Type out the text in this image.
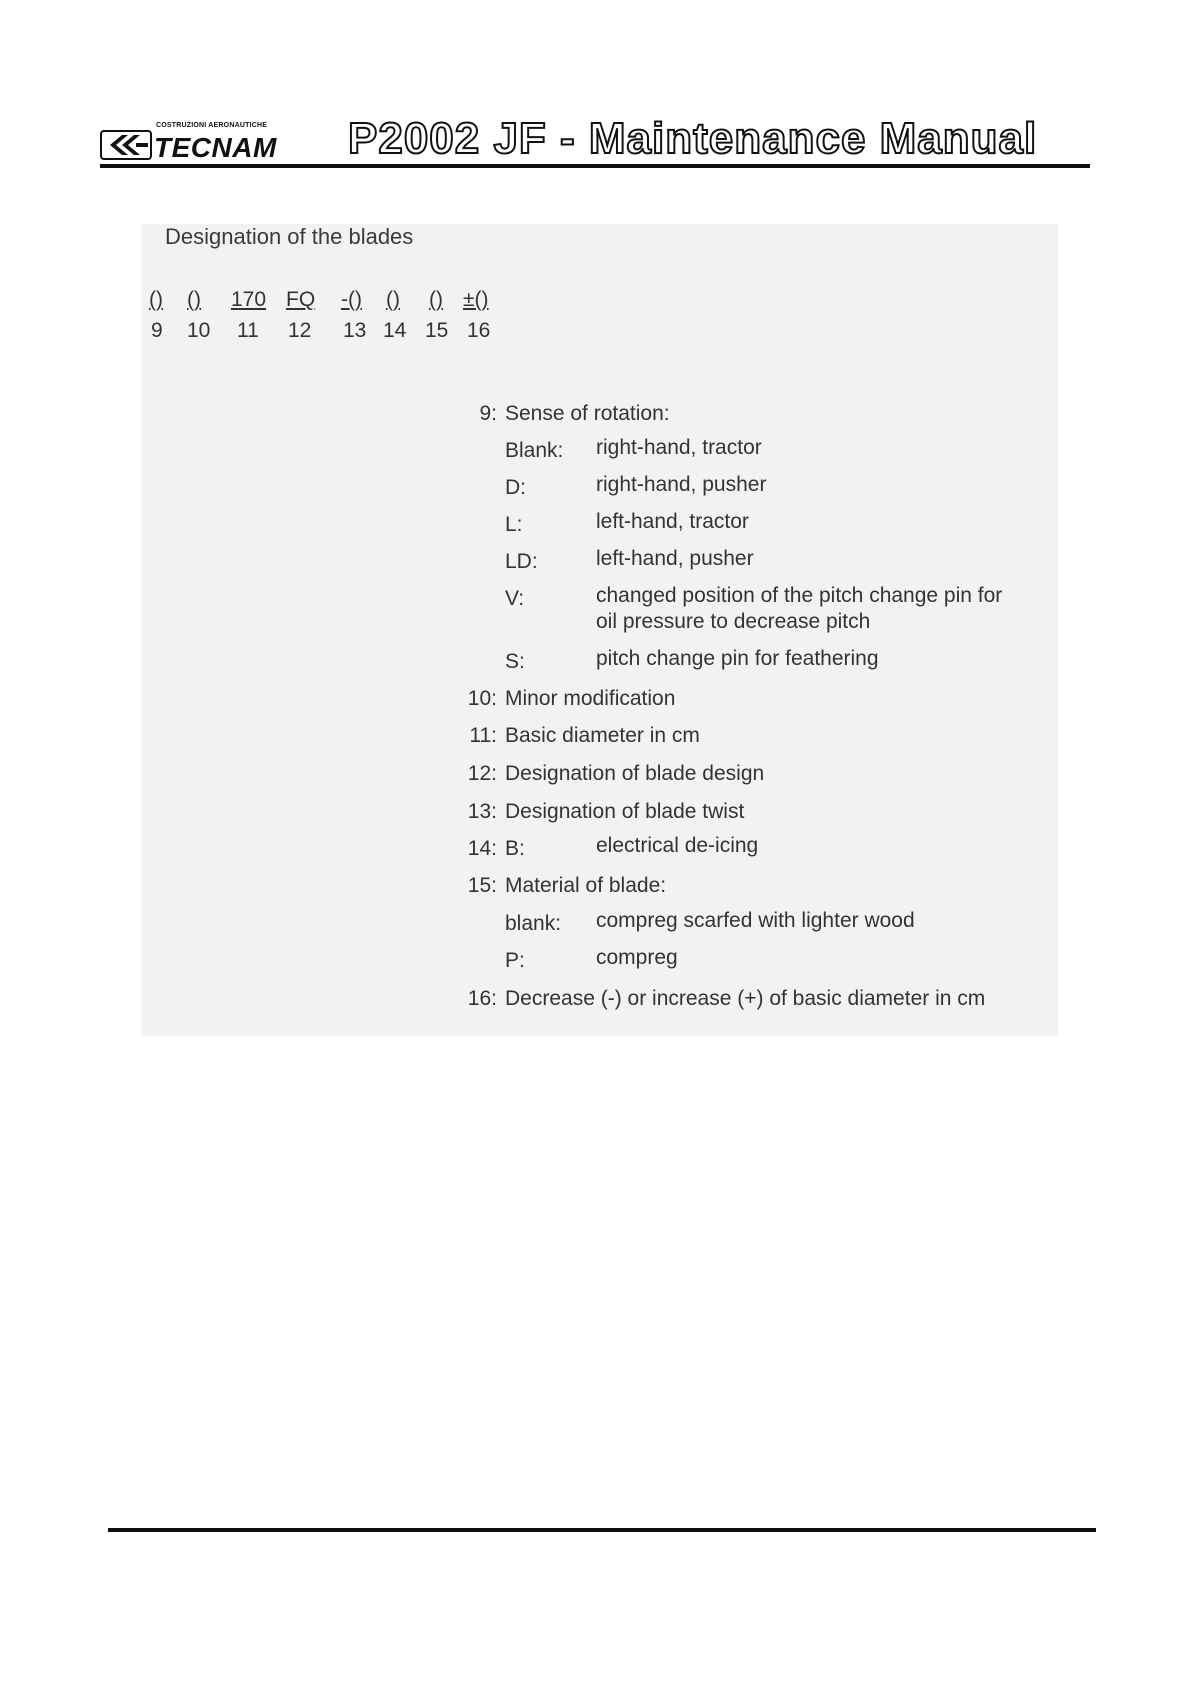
COSTRUZIONI AERONAUTICHE
TECNAM P2002 JF - Maintenance Manual
Designation of the blades
() () 170 FQ -() () () ±()
9 10 11 12 13 14 15 16
9: Sense of rotation:
Blank: right-hand, tractor
D:	right-hand, pusher
L:	left-hand, tractor
LD:	left-hand, pusher
V:	changed position of the pitch change pin for
oil pressure to decrease pitch
S:	pitch change pin for feathering
10: Minor modification
11: Basic diameter in cm
12: Designation of blade design
13: Designation of blade twist
14: B:	electrical de-icing
15: Material of blade:
blank: compreg scarfed with lighter wood
P:	compreg
16: Decrease (-) or increase (+) of basic diameter in cm
